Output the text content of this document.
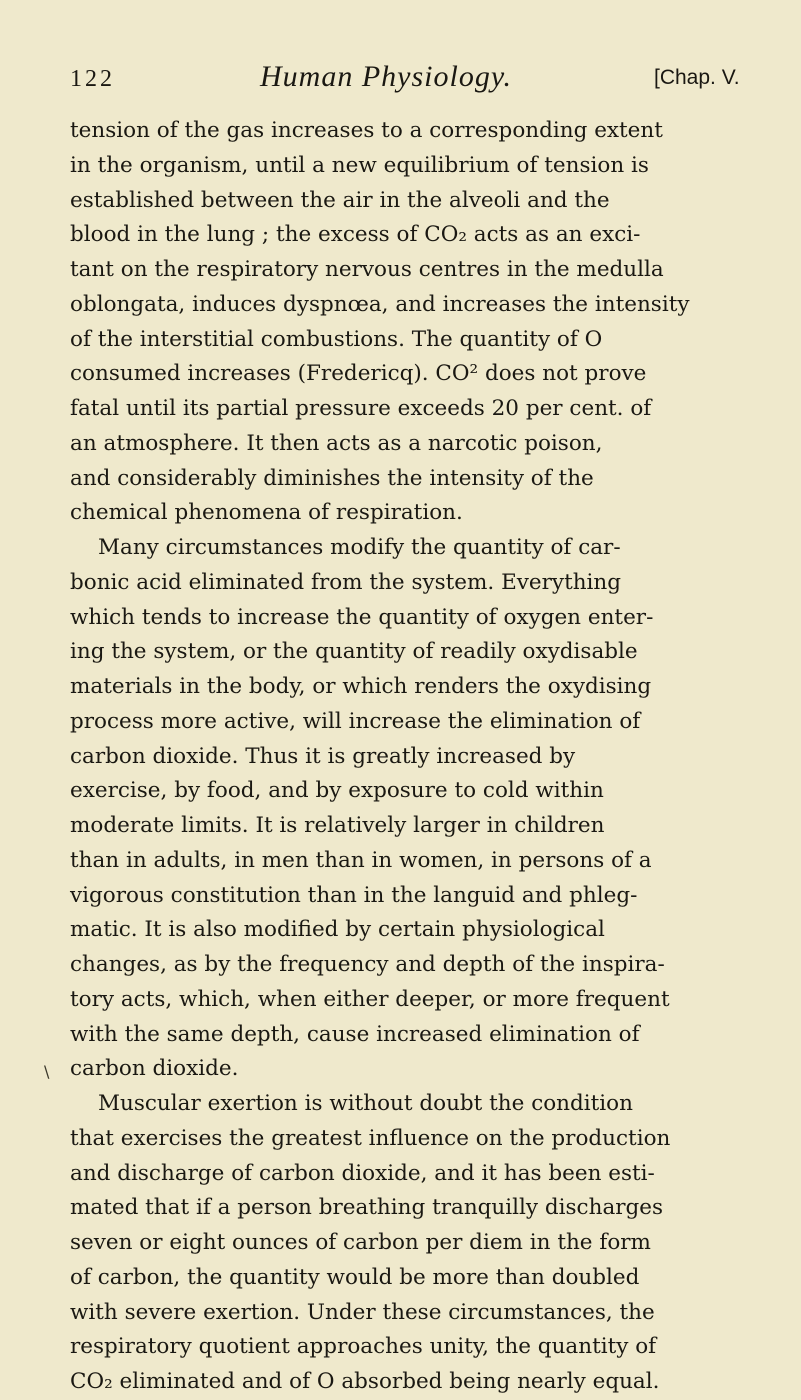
122	Human Physiology.	[Chap. V.
\
tension of the gas increases to a corresponding extent
in the organism, until a new equilibrium of tension is
established between the air in the alveoli and the
blood in the lung ; the excess of CO₂ acts as an exci-
tant on the respiratory nervous centres in the medulla
oblongata, induces dyspnœa, and increases the intensity
of the interstitial combustions. The quantity of O
consumed increases (Fredericq). CO² does not prove
fatal until its partial pressure exceeds 20 per cent. of
an atmosphere. It then acts as a narcotic poison,
and considerably diminishes the intensity of the
chemical phenomena of respiration.
Many circumstances modify the quantity of car-
bonic acid eliminated from the system. Everything
which tends to increase the quantity of oxygen enter-
ing the system, or the quantity of readily oxydisable
materials in the body, or which renders the oxydising
process more active, will increase the elimination of
carbon dioxide. Thus it is greatly increased by
exercise, by food, and by exposure to cold within
moderate limits. It is relatively larger in children
than in adults, in men than in women, in persons of a
vigorous constitution than in the languid and phleg-
matic. It is also modified by certain physiological
changes, as by the frequency and depth of the inspira-
tory acts, which, when either deeper, or more frequent
with the same depth, cause increased elimination of
carbon dioxide.
Muscular exertion is without doubt the condition
that exercises the greatest influence on the production
and discharge of carbon dioxide, and it has been esti-
mated that if a person breathing tranquilly discharges
seven or eight ounces of carbon per diem in the form
of carbon, the quantity would be more than doubled
with severe exertion. Under these circumstances, the
respiratory quotient approaches unity, the quantity of
CO₂ eliminated and of O absorbed being nearly equal.
